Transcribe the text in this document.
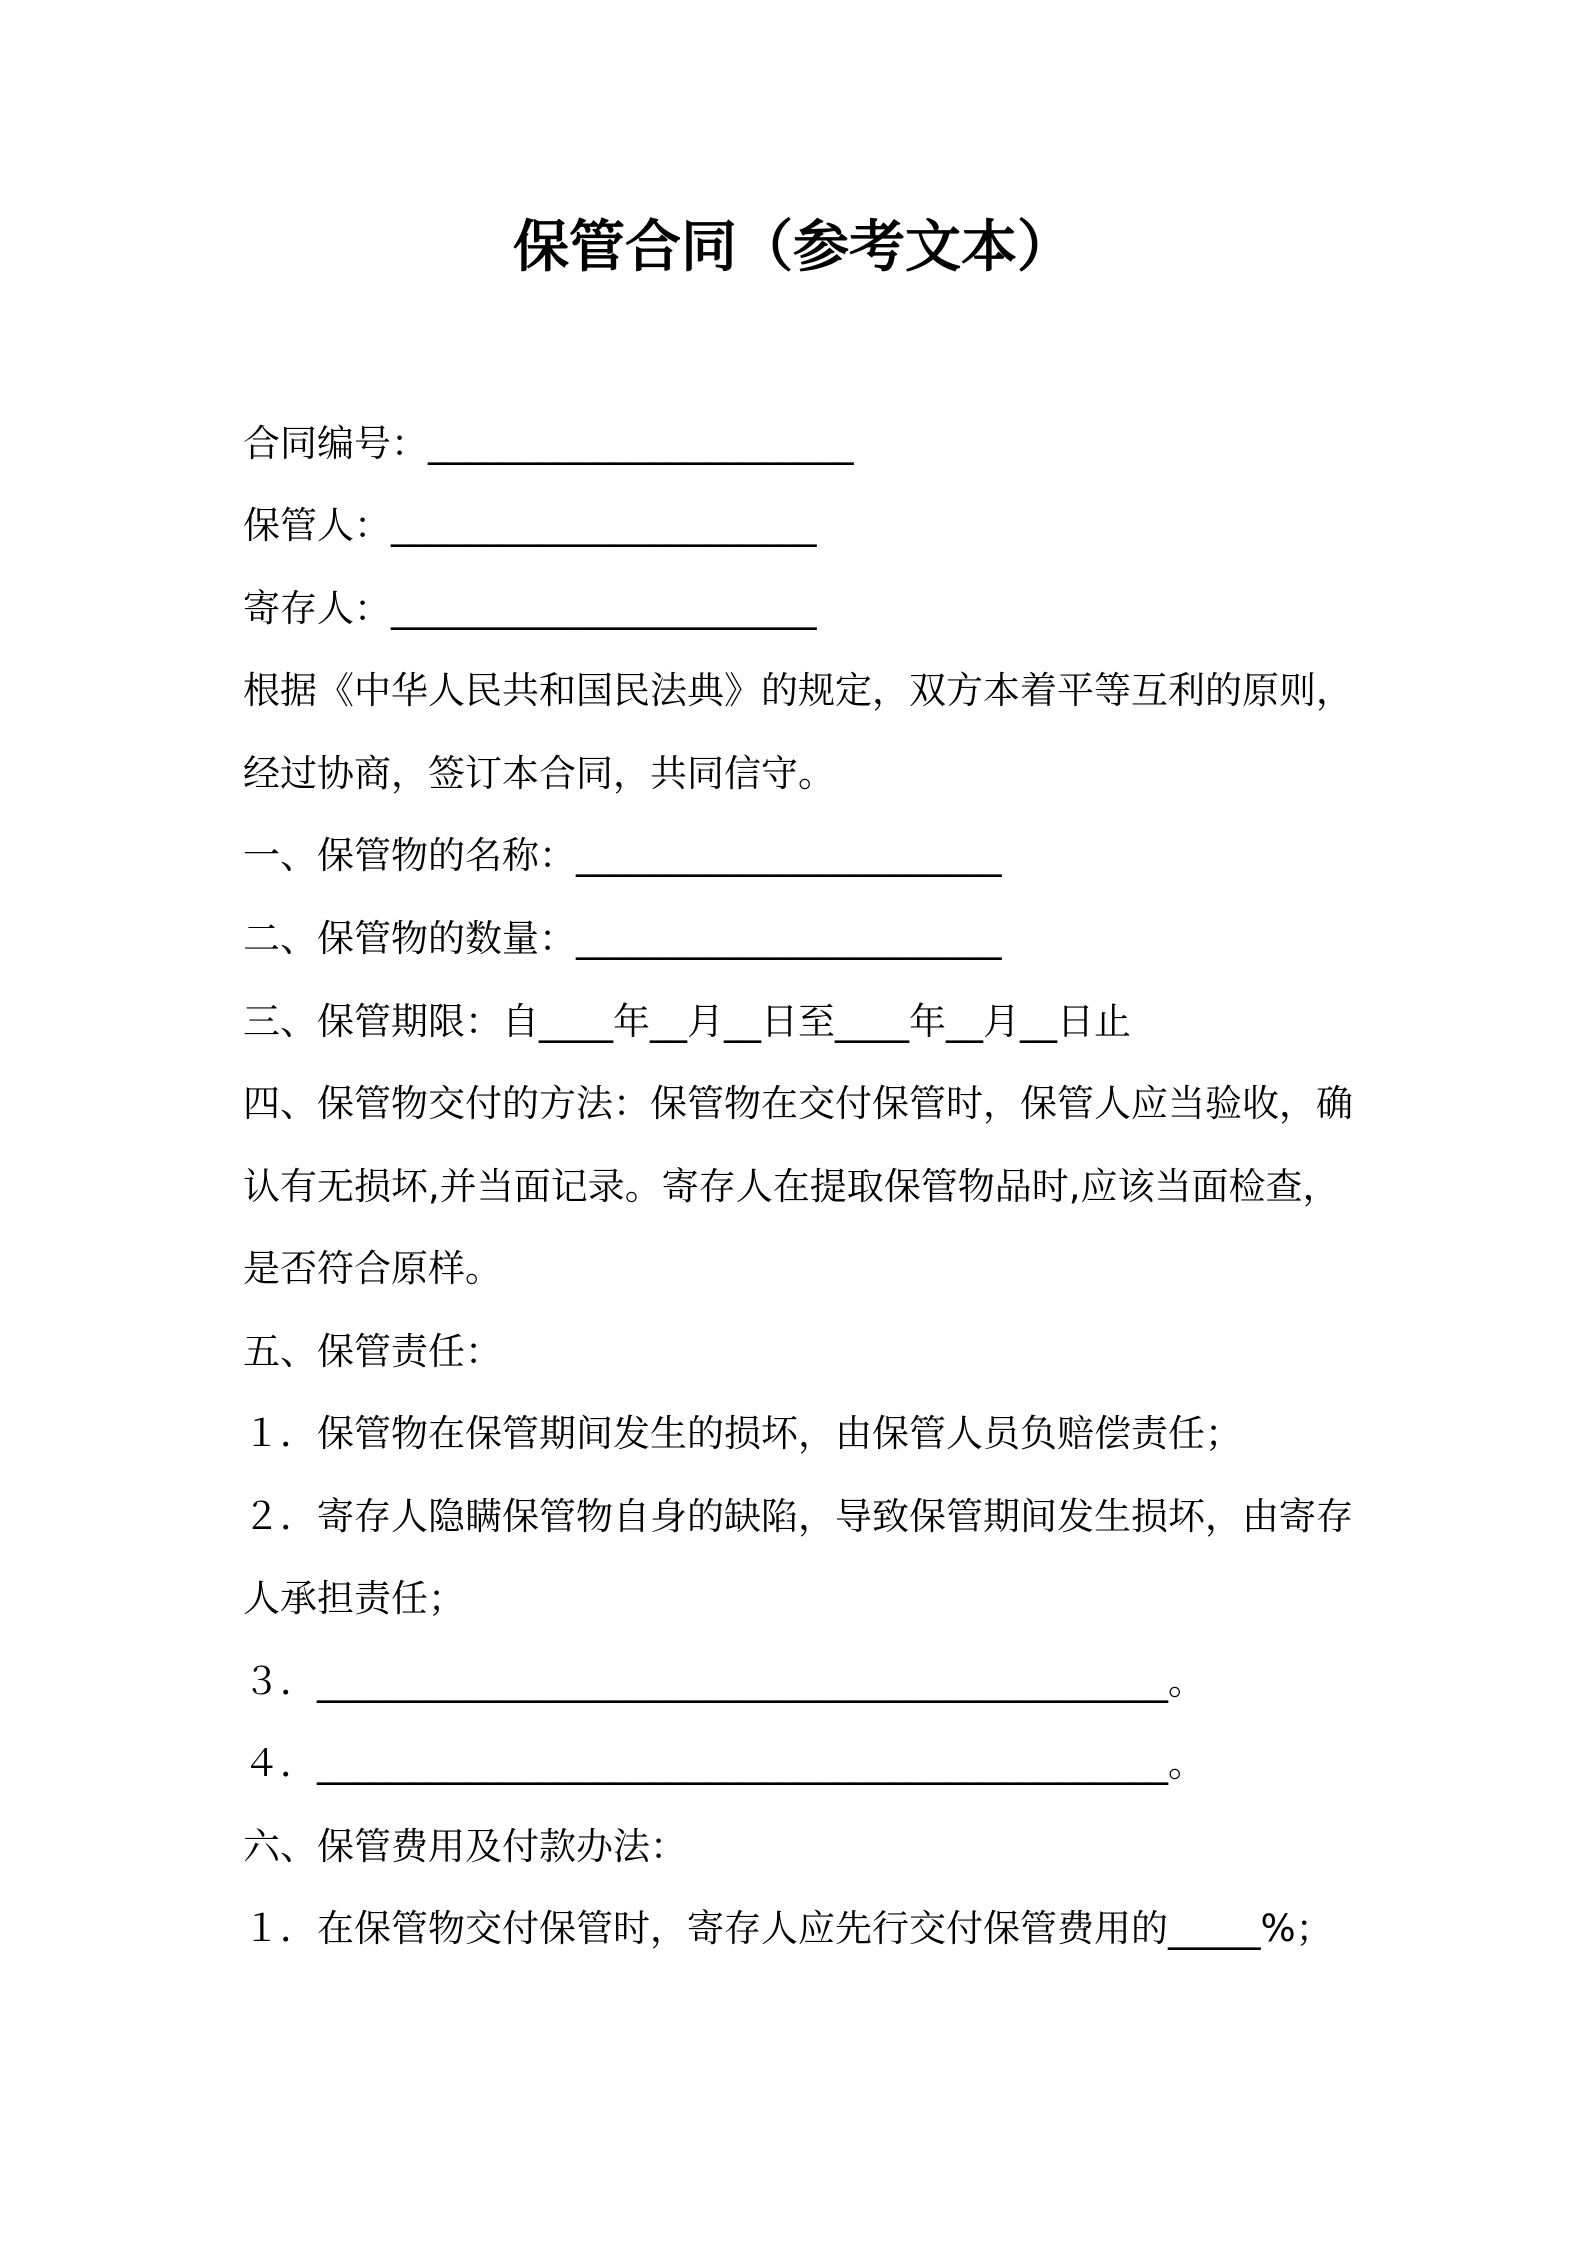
保管合同（参考文本）
合同编号：_______________________
保管人：_______________________
寄存人：_______________________
根据《中华人民共和国民法典》的规定，双方本着平等互利的原则，
经过协商，签订本合同，共同信守。
一、保管物的名称：_______________________
二、保管物的数量：_______________________
三、保管期限：自____年__月__日至____年__月__日止
四、保管物交付的方法：保管物在交付保管时，保管人应当验收，确
认有无损坏,并当面记录。寄存人在提取保管物品时,应该当面检查，
是否符合原样。
五、保管责任：
１．保管物在保管期间发生的损坏，由保管人员负赔偿责任；
２．寄存人隐瞒保管物自身的缺陷，导致保管期间发生损坏，由寄存
人承担责任；
３．______________________________________________。
４．______________________________________________。
六、保管费用及付款办法：
１．在保管物交付保管时，寄存人应先行交付保管费用的_____%；
